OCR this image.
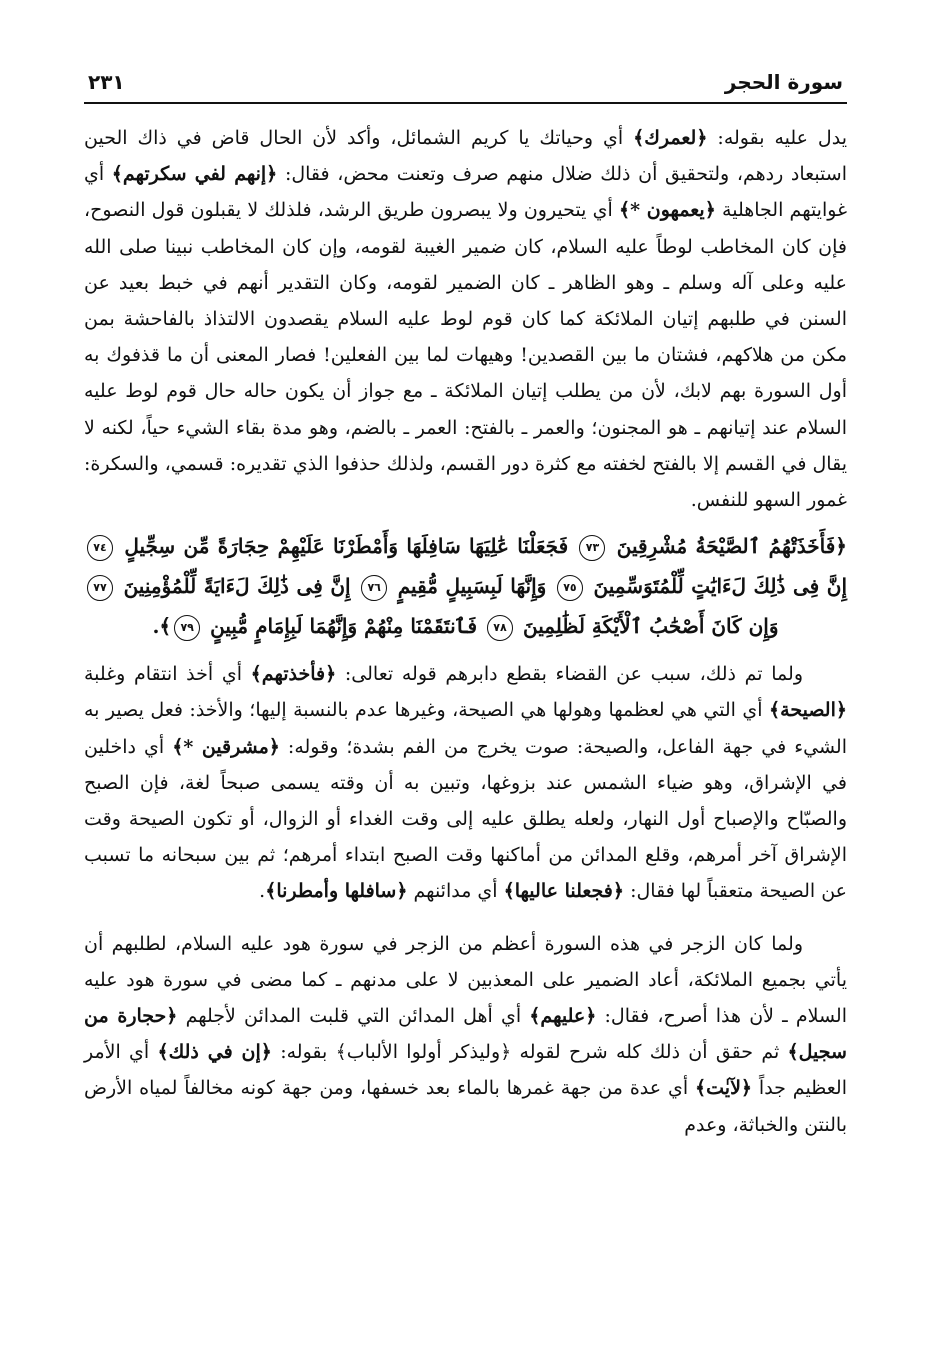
سورة الحجر
٢٣١

يدل عليه بقوله: ﴿لعمرك﴾ أي وحياتك يا كريم الشمائل، وأكد لأن الحال قاض في ذاك الحين استبعاد ردهم، ولتحقيق أن ذلك ضلال منهم صرف وتعنت محض، فقال: ﴿إنهم لفي سكرتهم﴾ أي غوايتهم الجاهلية ﴿يعمهون *﴾ أي يتحيرون ولا يبصرون طريق الرشد، فلذلك لا يقبلون قول النصوح، فإن كان المخاطب لوطاً عليه السلام، كان ضمير الغيبة لقومه، وإن كان المخاطب نبينا صلى الله عليه وعلى آله وسلم ـ وهو الظاهر ـ كان الضمير لقومه، وكان التقدير أنهم في خبط بعيد عن السنن في طلبهم إتيان الملائكة كما كان قوم لوط عليه السلام يقصدون الالتذاذ بالفاحشة بمن مكن من هلاكهم، فشتان ما بين القصدين! وهيهات لما بين الفعلين! فصار المعنى أن ما قذفوك به أول السورة بهم لابك، لأن من يطلب إتيان الملائكة ـ مع جواز أن يكون حاله حال قوم لوط عليه السلام عند إتيانهم ـ هو المجنون؛ والعمر ـ بالفتح: العمر ـ بالضم، وهو مدة بقاء الشيء حياً، لكنه لا يقال في القسم إلا بالفتح لخفته مع كثرة دور القسم، ولذلك حذفوا الذي تقديره: قسمي، والسكرة: غمور السهو للنفس.

﴿فَأَخَذَتْهُمُ ٱلصَّيْحَةُ مُشْرِقِينَ ٧٣ فَجَعَلْنَا عَٰلِيَهَا سَافِلَهَا وَأَمْطَرْنَا عَلَيْهِمْ حِجَارَةً مِّن سِجِّيلٍ ٧٤ إِنَّ فِى ذَٰلِكَ لَءَايَٰتٍ لِّلْمُتَوَسِّمِينَ ٧٥ وَإِنَّهَا لَبِسَبِيلٍ مُّقِيمٍ ٧٦ إِنَّ فِى ذَٰلِكَ لَءَايَةً لِّلْمُؤْمِنِينَ ٧٧ وَإِن كَانَ أَصْحَٰبُ ٱلْأَيْكَةِ لَظَٰلِمِينَ ٧٨ فَٱنتَقَمْنَا مِنْهُمْ وَإِنَّهُمَا لَبِإِمَامٍ مُّبِينٍ ٧٩﴾.

ولما تم ذلك، سبب عن القضاء بقطع دابرهم قوله تعالى: ﴿فأخذتهم﴾ أي أخذ انتقام وغلبة ﴿الصيحة﴾ أي التي هي لعظمها وهولها هي الصيحة، وغيرها عدم بالنسبة إليها؛ والأخذ: فعل يصير به الشيء في جهة الفاعل، والصيحة: صوت يخرج من الفم بشدة؛ وقوله: ﴿مشرقين *﴾ أي داخلين في الإشراق، وهو ضياء الشمس عند بزوغها، وتبين به أن وقته يسمى صبحاً لغة، فإن الصبح والصبّاح والإصباح أول النهار، ولعله يطلق عليه إلى وقت الغداء أو الزوال، أو تكون الصيحة وقت الإشراق آخر أمرهم، وقلع المدائن من أماكنها وقت الصبح ابتداء أمرهم؛ ثم بين سبحانه ما تسبب عن الصيحة متعقباً لها فقال: ﴿فجعلنا عاليها﴾ أي مدائنهم ﴿سافلها وأمطرنا﴾.

ولما كان الزجر في هذه السورة أعظم من الزجر في سورة هود عليه السلام، لطلبهم أن يأتي بجميع الملائكة، أعاد الضمير على المعذبين لا على مدنهم ـ كما مضى في سورة هود عليه السلام ـ لأن هذا أصرح، فقال: ﴿عليهم﴾ أي أهل المدائن التي قلبت المدائن لأجلهم ﴿حجارة من سجيل﴾ ثم حقق أن ذلك كله شرح لقوله ﴿وليذكر أولوا الألباب﴾ بقوله: ﴿إن في ذلك﴾ أي الأمر العظيم جداً ﴿لآيٰت﴾ أي عدة من جهة غمرها بالماء بعد خسفها، ومن جهة كونه مخالفاً لمياه الأرض بالنتن والخباثة، وعدم
